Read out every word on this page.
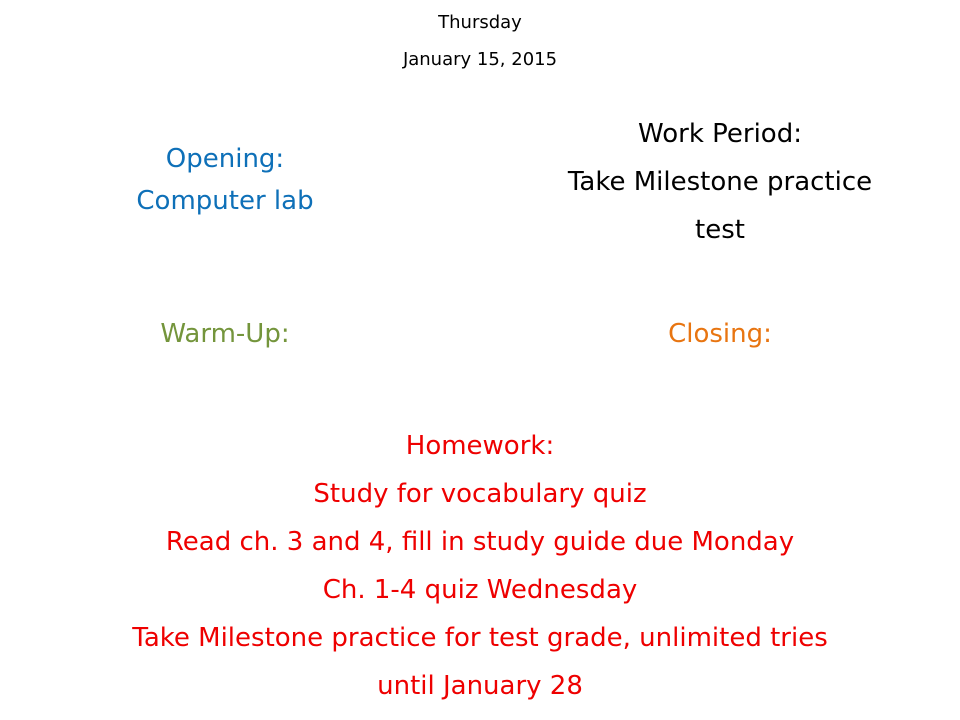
Thursday
January 15, 2015
Opening:
Computer lab
Work Period:
Take Milestone practice
test
Warm-Up:	Closing:
Homework:
Study for vocabulary quiz
Read ch. 3 and 4, fill in study guide due Monday
Ch. 1-4 quiz Wednesday
Take Milestone practice for test grade, unlimited tries
until January 28
